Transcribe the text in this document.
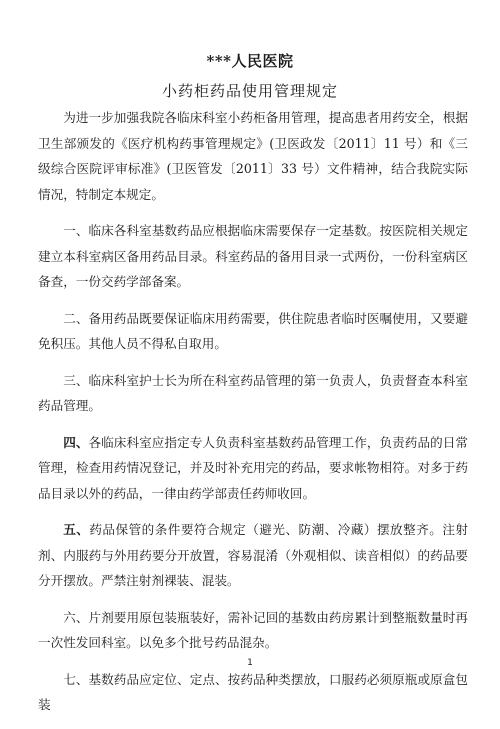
***人民医院
小药柜药品使用管理规定

为进一步加强我院各临床科室小药柜备用管理，提高患者用药安全，根据卫生部颁发的《医疗机构药事管理规定》(卫医政发〔2011〕11 号）和《三级综合医院评审标准》(卫医管发〔2011〕33 号）文件精神，结合我院实际情况，特制定本规定。

一、临床各科室基数药品应根据临床需要保存一定基数。按医院相关规定建立本科室病区备用药品目录。科室药品的备用目录一式两份，一份科室病区备查，一份交药学部备案。

二、备用药品既要保证临床用药需要，供住院患者临时医嘱使用，又要避免积压。其他人员不得私自取用。

三、临床科室护士长为所在科室药品管理的第一负责人，负责督查本科室药品管理。

四、各临床科室应指定专人负责科室基数药品管理工作，负责药品的日常管理，检查用药情况登记，并及时补充用完的药品，要求帐物相符。对多于药品目录以外的药品，一律由药学部责任药师收回。

五、药品保管的条件要符合规定（避光、防潮、冷藏）摆放整齐。注射剂、内服药与外用药要分开放置，容易混淆（外观相似、读音相似）的药品要分开摆放。严禁注射剂裸装、混装。

六、片剂要用原包装瓶装好，需补记回的基数由药房累计到整瓶数量时再一次性发回科室。以免多个批号药品混杂。

七、基数药品应定位、定点、按药品种类摆放，口服药必须原瓶或原盒包装

1
